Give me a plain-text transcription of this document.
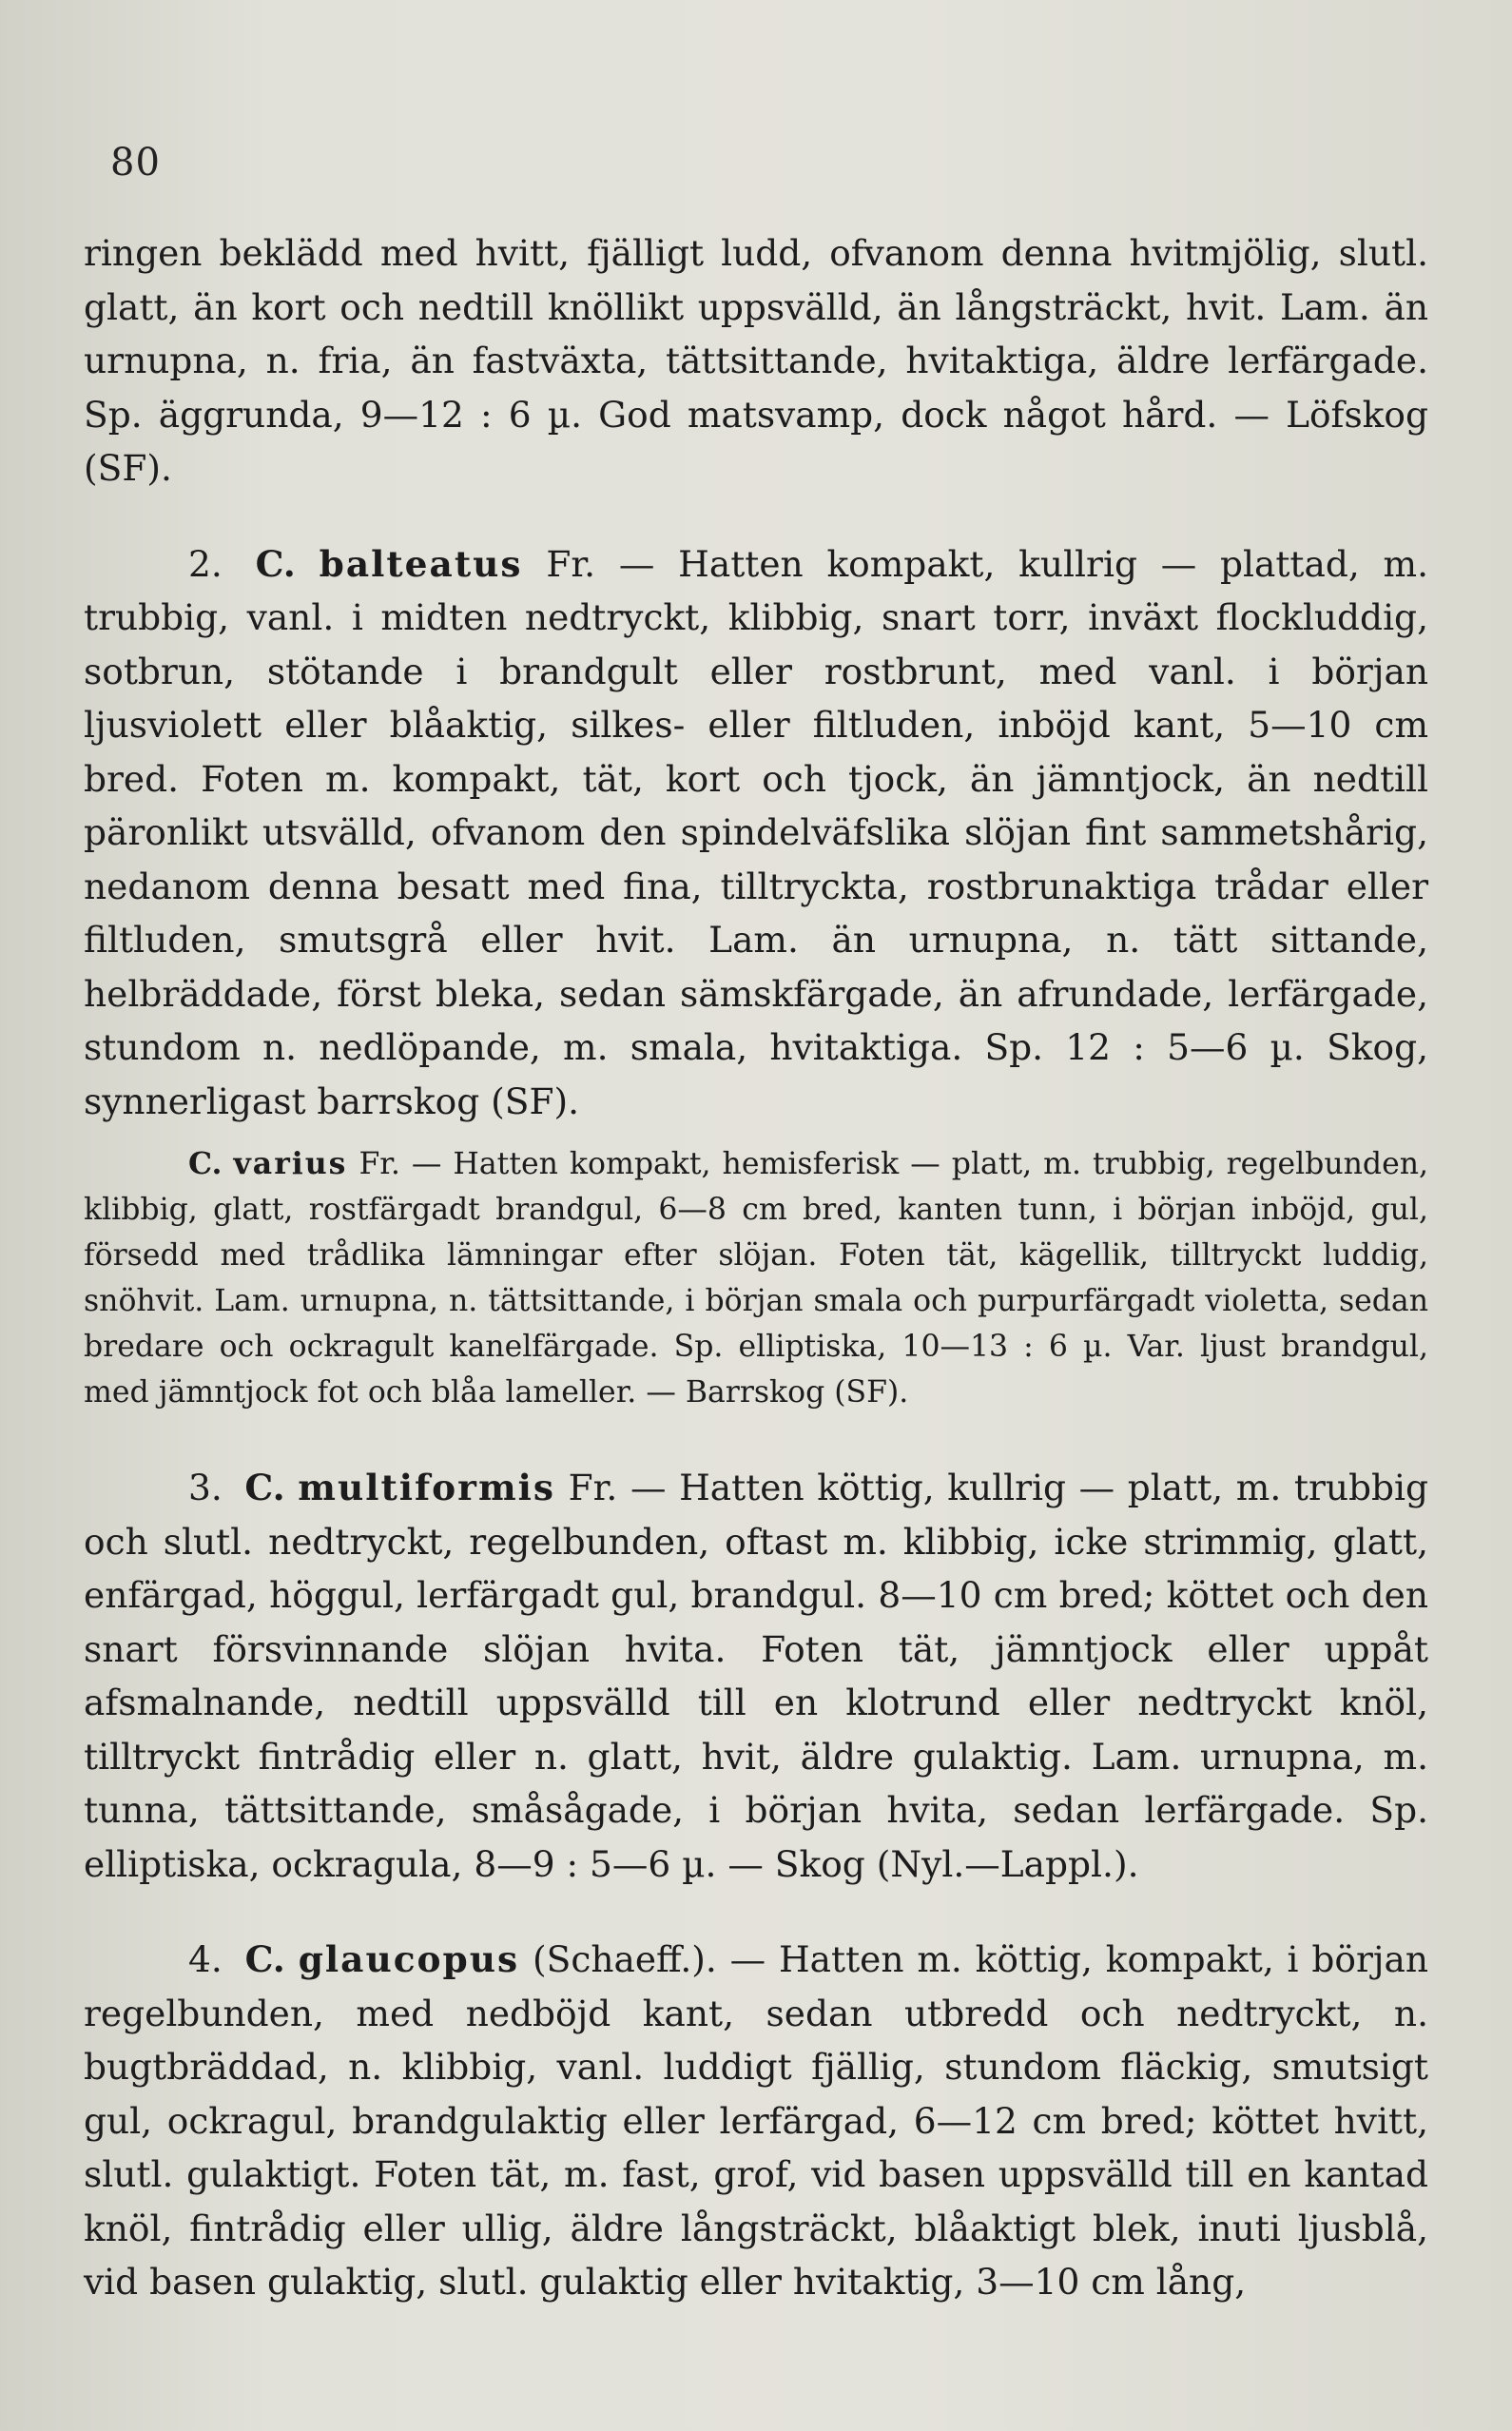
80

ringen beklädd med hvitt, fjälligt ludd, ofvanom denna hvitmjölig, slutl. glatt, än kort och nedtill knöllikt uppsvälld, än långsträckt, hvit. Lam. än urnupna, n. fria, än fastväxta, tättsittande, hvitaktiga, äldre lerfärgade. Sp. äggrunda, 9—12 : 6 µ. God matsvamp, dock något hård. — Löfskog (SF).

2. C. balteatus Fr. — Hatten kompakt, kullrig — plattad, m. trubbig, vanl. i midten nedtryckt, klibbig, snart torr, inväxt flockluddig, sotbrun, stötande i brandgult eller rostbrunt, med vanl. i början ljusviolett eller blåaktig, silkes- eller filtluden, inböjd kant, 5—10 cm bred. Foten m. kompakt, tät, kort och tjock, än jämntjock, än nedtill päronlikt utsvälld, ofvanom den spindelväfslika slöjan fint sammetshårig, nedanom denna besatt med fina, tilltryckta, rostbrunaktiga trådar eller filtluden, smutsgrå eller hvit. Lam. än urnupna, n. tätt sittande, helbräddade, först bleka, sedan sämskfärgade, än afrundade, lerfärgade, stundom n. nedlöpande, m. smala, hvitaktiga. Sp. 12 : 5—6 µ. Skog, synnerligast barrskog (SF).

C. varius Fr. — Hatten kompakt, hemisferisk — platt, m. trubbig, regelbunden, klibbig, glatt, rostfärgadt brandgul, 6—8 cm bred, kanten tunn, i början inböjd, gul, försedd med trådlika lämningar efter slöjan. Foten tät, kägellik, tilltryckt luddig, snöhvit. Lam. urnupna, n. tättsittande, i början smala och purpurfärgadt violetta, sedan bredare och ockragult kanelfärgade. Sp. elliptiska, 10—13 : 6 µ. Var. ljust brandgul, med jämntjock fot och blåa lameller. — Barrskog (SF).

3. C. multiformis Fr. — Hatten köttig, kullrig — platt, m. trubbig och slutl. nedtryckt, regelbunden, oftast m. klibbig, icke strimmig, glatt, enfärgad, höggul, lerfärgadt gul, brandgul. 8—10 cm bred; köttet och den snart försvinnande slöjan hvita. Foten tät, jämntjock eller uppåt afsmalnande, nedtill uppsvälld till en klotrund eller nedtryckt knöl, tilltryckt fintrådig eller n. glatt, hvit, äldre gulaktig. Lam. urnupna, m. tunna, tättsittande, småsågade, i början hvita, sedan lerfärgade. Sp. elliptiska, ockragula, 8—9 : 5—6 µ. — Skog (Nyl.—Lappl.).

4. C. glaucopus (Schaeff.). — Hatten m. köttig, kompakt, i början regelbunden, med nedböjd kant, sedan utbredd och nedtryckt, n. bugtbräddad, n. klibbig, vanl. luddigt fjällig, stundom fläckig, smutsigt gul, ockragul, brandgulaktig eller lerfärgad, 6—12 cm bred; köttet hvitt, slutl. gulaktigt. Foten tät, m. fast, grof, vid basen uppsvälld till en kantad knöl, fintrådig eller ullig, äldre långsträckt, blåaktigt blek, inuti ljusblå, vid basen gulaktig, slutl. gulaktig eller hvitaktig, 3—10 cm lång,
